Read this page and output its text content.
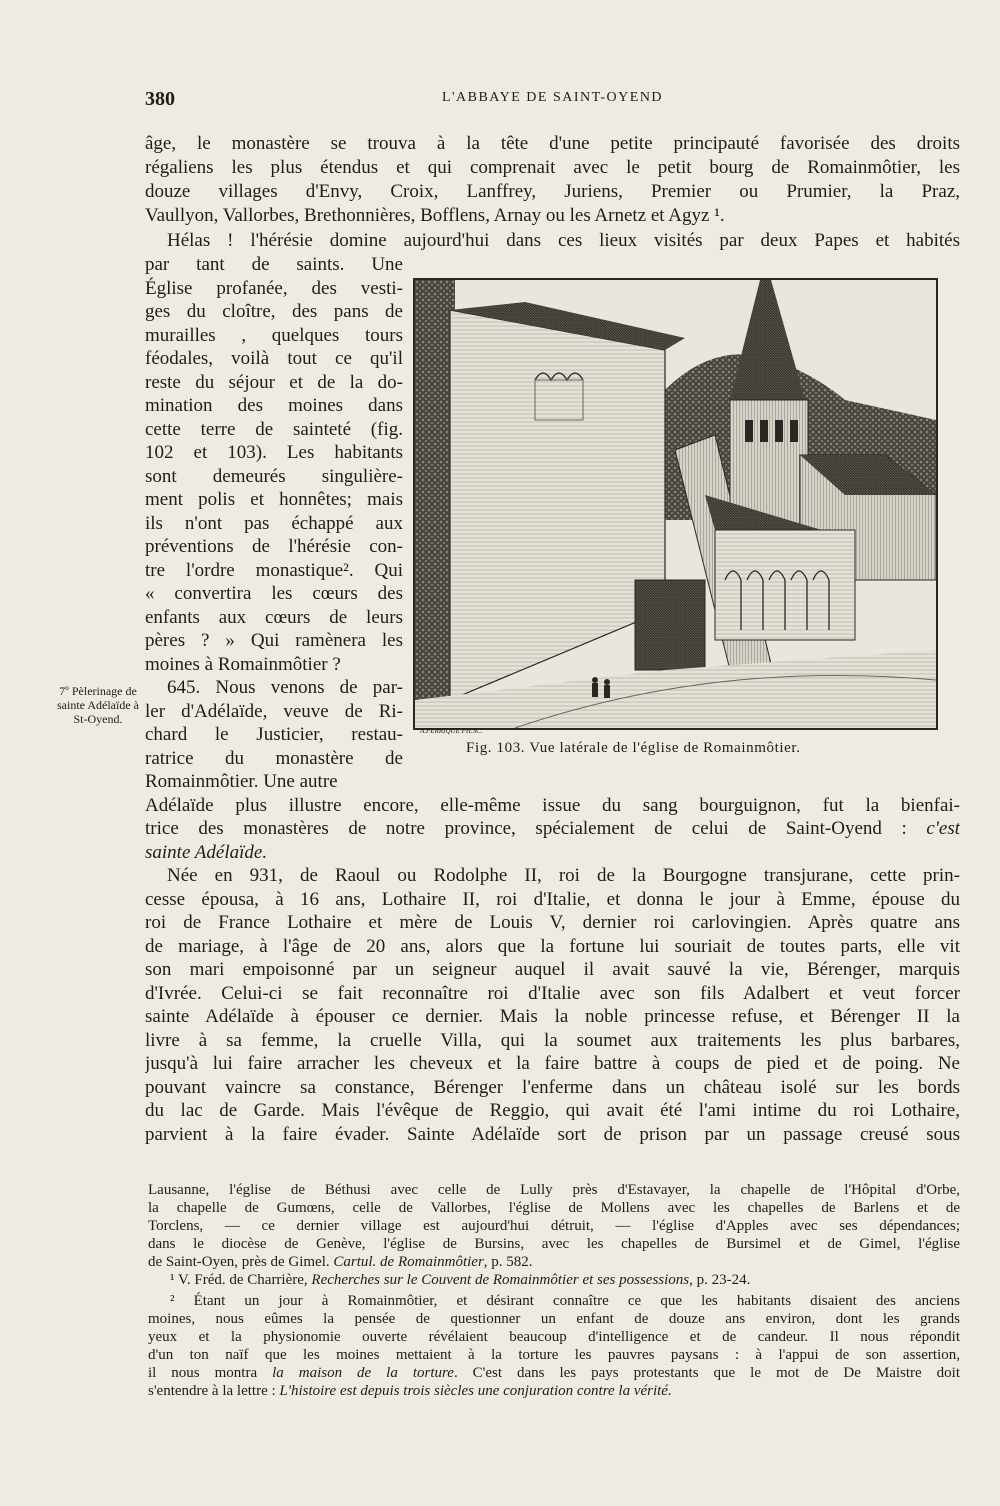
380	L'ABBAYE DE SAINT-OYEND
âge, le monastère se trouva à la tête d'une petite principauté favorisée des droits
régaliens les plus étendus et qui comprenait avec le petit bourg de Romainmôtier, les
douze villages d'Envy, Croix, Lanffrey, Juriens, Premier ou Prumier, la Praz,
Vaullyon, Vallorbes, Brethonnières, Bofflens, Arnay ou les Arnetz et Agyz ¹.
Hélas ! l'hérésie domine aujourd'hui dans ces lieux visités par deux Papes et habités
par tant de saints. Une
Église profanée, des vesti-
ges du cloître, des pans de
murailles , quelques tours
féodales, voilà tout ce qu'il
reste du séjour et de la do-
mination des moines dans
cette terre de sainteté (fig.
102 et 103). Les habitants
sont demeurés singulière-
ment polis et honnêtes; mais
ils n'ont pas échappé aux
préventions de l'hérésie con-
tre l'ordre monastique². Qui
« convertira les cœurs des
enfants aux cœurs de leurs
pères ? » Qui ramènera les
moines à Romainmôtier ?
645. Nous venons de par-
ler d'Adélaïde, veuve de Ri-
chard le Justicier, restau-
ratrice du monastère de
Romainmôtier. Une autre
Adélaïde plus illustre encore, elle-même issue du sang bourguignon, fut la bienfai-
trice des monastères de notre province, spécialement de celui de Saint-Oyend : c'est
sainte Adélaïde.
Née en 931, de Raoul ou Rodolphe II, roi de la Bourgogne transjurane, cette prin-
cesse épousa, à 16 ans, Lothaire II, roi d'Italie, et donna le jour à Emme, épouse du
roi de France Lothaire et mère de Louis V, dernier roi carlovingien. Après quatre ans
de mariage, à l'âge de 20 ans, alors que la fortune lui souriait de toutes parts, elle vit
son mari empoisonné par un seigneur auquel il avait sauvé la vie, Bérenger, marquis
d'Ivrée. Celui-ci se fait reconnaître roi d'Italie avec son fils Adalbert et veut forcer
sainte Adélaïde à épouser ce dernier. Mais la noble princesse refuse, et Bérenger II la
livre à sa femme, la cruelle Villa, qui la soumet aux traitements les plus barbares,
jusqu'à lui faire arracher les cheveux et la faire battre à coups de pied et de poing. Ne
pouvant vaincre sa constance, Bérenger l'enferme dans un château isolé sur les bords
du lac de Garde. Mais l'évêque de Reggio, qui avait été l'ami intime du roi Lothaire,
parvient à la faire évader. Sainte Adélaïde sort de prison par un passage creusé sous
7º Pèlerinage de sainte Adélaïde à St-Oyend.
A.FERRIQUE PH.SC.
Fig. 103. Vue latérale de l'église de Romainmôtier.
Lausanne, l'église de Béthusi avec celle de Lully près d'Estavayer, la chapelle de l'Hôpital d'Orbe,
la chapelle de Gumœns, celle de Vallorbes, l'église de Mollens avec les chapelles de Barlens et de
Torclens, — ce dernier village est aujourd'hui détruit, — l'église d'Apples avec ses dépendances;
dans le diocèse de Genève, l'église de Bursins, avec les chapelles de Bursimel et de Gimel, l'église
de Saint-Oyen, près de Gimel. Cartul. de Romainmôtier, p. 582.
¹ V. Fréd. de Charrière, Recherches sur le Couvent de Romainmôtier et ses possessions, p. 23-24.
² Étant un jour à Romainmôtier, et désirant connaître ce que les habitants disaient des anciens
moines, nous eûmes la pensée de questionner un enfant de douze ans environ, dont les grands
yeux et la physionomie ouverte révélaient beaucoup d'intelligence et de candeur. Il nous répondit
d'un ton naïf que les moines mettaient à la torture les pauvres paysans : à l'appui de son assertion,
il nous montra la maison de la torture. C'est dans les pays protestants que le mot de De Maistre doit
s'entendre à la lettre : L'histoire est depuis trois siècles une conjuration contre la vérité.
